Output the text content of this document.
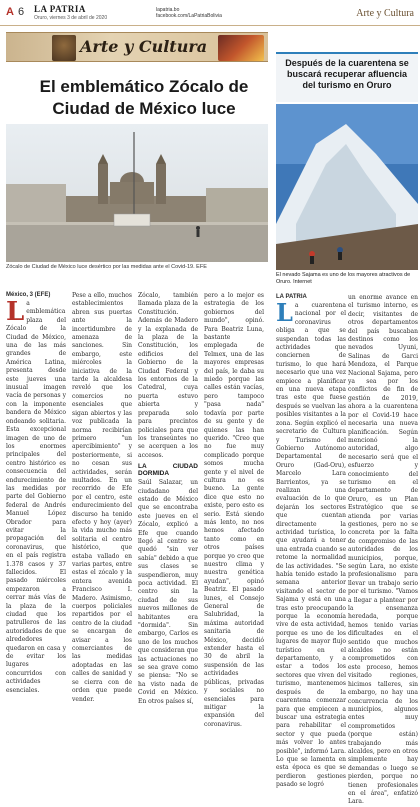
A 6 LA PATRIA
Oruro, viernes 3 de abril de 2020
lapatria.bo
facebook.com/LaPatriaBolivia	Arte y Cultura
Arte y Cultura
El emblemático Zócalo de Ciudad de México luce
Zócalo de Ciudad de México luce desértico por las medidas ante el Covid-19. EFE
México, 3 (EFE)
L a emblemática plaza del Zócalo de la Ciudad de México, una de las más grandes de América Latina, presenta desde este jueves una inusual imagen vacía de personas y con la imponente bandera de México ondeando solitaria. Esta excepcional imagen de uno de los enormes principales del centro histórico es consecuencia del endurecimiento de las medidas por parte del Gobierno federal de Andrés Manuel López Obrador para evitar la propagación del coronavirus, que en el país registra 1.378 casos y 37 fallecidos. El pasado miércoles empezaron a cerrar más vías de la plaza de la ciudad que los patrulleros de las autoridades de que alrededores quedaron en casa y de evitar los lugares concurridos con actividades esenciales.
Pese a ello, muchos establecimientos abren sus puertas ante la incertidumbre de amenaza de sanciones. Sin embargo, este miércoles la iniciativa de la tarde la alcaldesa reveló que los comercios no esenciales que sigan abiertos y las voz publicada la norma recibirían primero "un apercibimiento" y posteriormente, si no cesan sus actividades, serán multados. En un recorrido de Efe por el centro, este endurecimiento del discurso ha tenido efecto y hoy (ayer) la vida mucho más solitaria el centro histórico, que estaba vallado en varias partes, entre estas el zócalo y la entera avenida Francisco I. Madero. Asimismo, cuerpos policiales repartidos por el centro de la ciudad se encargan de avisar a los comerciantes de las medidas adoptadas en las calles de sanidad y se cierra con de orden que puede vender.
Zócalo, también llamada plaza de la Constitución. Además de Madero y la explanada de la plaza de la Constitución, los edificios del Gobierno de la Ciudad Federal y los entornos de la Catedral, cuya puerta estuvo abierta y preparada solo para precintos policiales para que los transeúntes no se acerquen a los accesos.
LA CIUDAD DORMIDA
Saúl Salazar, un ciudadano del estado de México que se encontraba este jueves en el Zócalo, explicó a Efe que cuando llegó al centro se quedó "sin ver sabía" debido a que sus clases se suspendieron, muy poca actividad. El centro sin la ciudad de sus nuevos millones de habitantes era "dormida". Sin embargo, Carlos es uno de los muchos que consideran que las actuaciones no se sea grave como se piensa: "No se ha visto nada de Covid en México. En otros países sí,
pero a lo mejor es estrategia de los gobiernos del mundo", opinó. Para Beatriz Luna, bastante emplegada de Telmex, una de las mayores empresas del país, le daba su miedo porque las calles están vacías, pero tampoco "pasa nada" todavía por parte de su gente y de quienes las han querido. "Creo que no fue muy complicado porque somos mucha gente y el nivel de cultura no es bueno. La gente dice que esto no existe, pero esto es serio. Está siendo más lento, no nos hemos afectado tanto como en otros países porque yo creo que nuestro clima y nuestra genética ayudan", opinó Beatriz. El pasado lunes, el Consejo General de Salubridad, la máxima autoridad sanitaria de México, decidió extender hasta el 30 de abril la suspensión de las actividades públicas, privadas y sociales no esenciales para mitigar la expansión del coronavirus.
Después de la cuarentena se buscará recuperar afluencia del turismo en Oruro
El nevado Sajama es uno de los mayores atractivos de Oruro. Internet
LA PATRIA
L a cuarentena nacional por el coronavirus obliga a que se suspendan todas las actividades que conciernen de turismo, lo que hará necesario que una vez empiece a planificar en una nueva etapa tras este que fuese después se vuelvan las posibles visitantes a la zona. Según explicó el secretario de Cultura y Turismo del Gobierno Autónomo Departamental de Oruro (Gad-Oru), Marcelo Lara Barrientos, ya se realizan una evaluación de lo que dejarán los sectores que cuentan directamente la actividad turística, lo que ayudará a tener una entrada cuando se retome la normalidad de las actividades. "Se había tenido estado la semana anterior visitando el sector de Sajama y está en una tras esto preocupando porque la economía vive de esta actividad, porque es uno de los lugares de mayor flujo turístico en el departamento, y a estar a todos los sectores que viven del turismo, mantenemos después de la cuarentena comenzar para que empiecen a buscar una estrategia para rehabilitar el sector y que pueda más volver lo antes posible", informó Lara. Lo que se lamenta en esta época es que se perdieron gestiones pasado se logró
un enorme avance en el turismo interno, es decir, visitantes de otros departamentos del país buscaban destinos como los nevados Uyuni, Salinas de Garci Mendoza, el Parque Nacional Sajama, pero ya sea por los conflictos de fin de gestión de 2019, ahora a la cuarentena por el Covid-19 hace necesaria una nueva planificación. Según mencionó la autoridad, algo necesario será que el esfuerzo y conocimiento del turismo en el departamento de Oruro, es un Plan Estratégico que se atienda por varias gestiones, pero no se concreta por la falta de compromiso de las autoridades de los municipios, porque, según Lara, no existe profesionalismo para llevar un trabajo serio por el turismo. "Vamos a llegar a plantear por la ensenanza heredada, porque hemos tenido varias dificultades en el sentido que muchos alcaldes no están comprometidos con este proceso, hemos visitado regiones, hicimos talleres, sin embargo, no hay una concurrencia de los municipios, algunos entes muy comprometidos (porque están) trabajando más alcaldes, pero en otros simplemente hay demandas o luego se pierden, porque no tienen profesionales en el área", enfatizó Lara.
